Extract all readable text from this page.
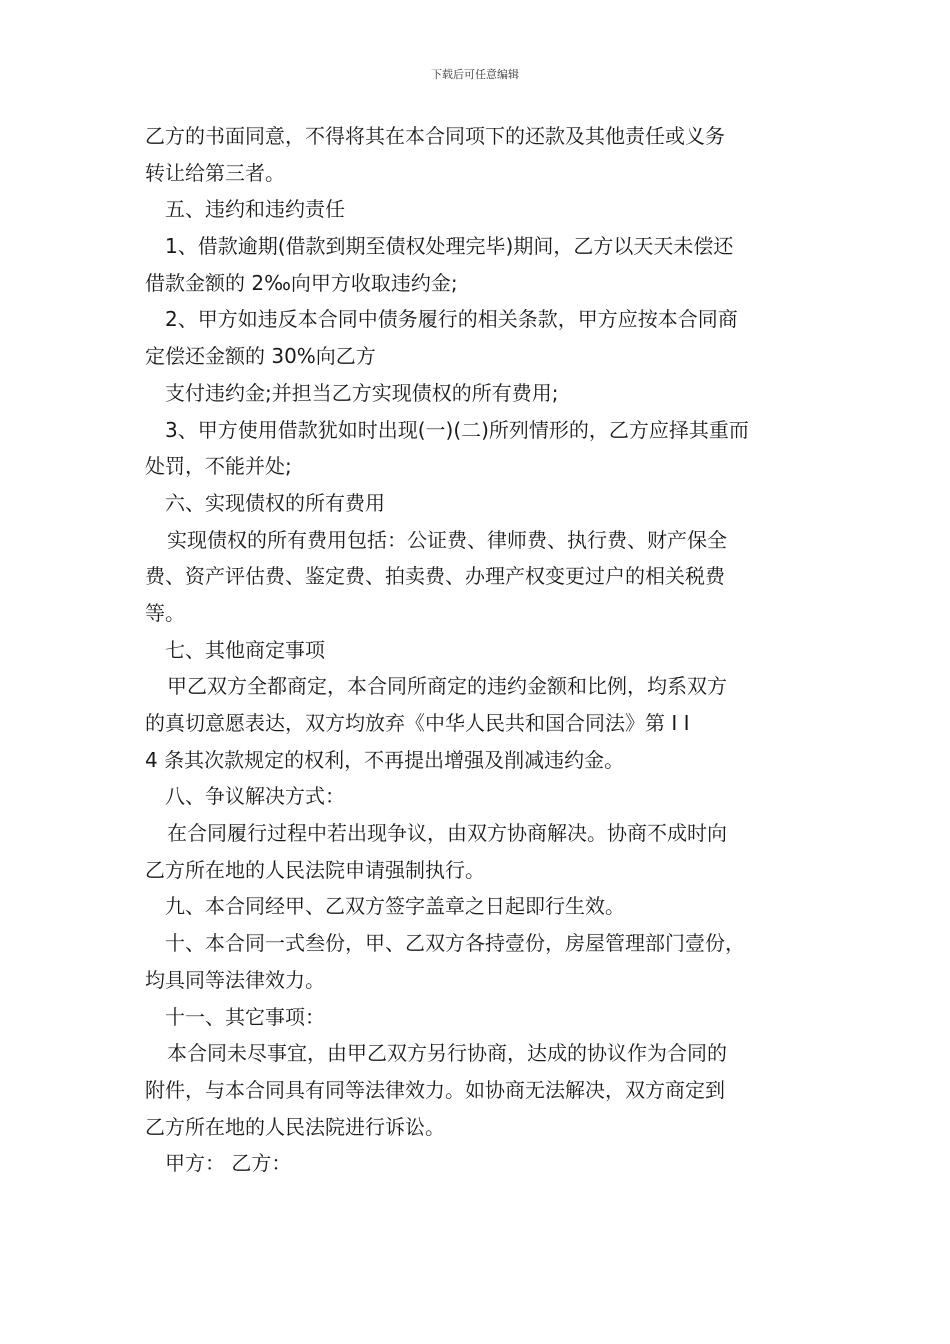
下载后可任意编辑
乙方的书面同意，不得将其在本合同项下的还款及其他责任或义务
转让给第三者。
五、违约和违约责任
1、借款逾期(借款到期至债权处理完毕)期间，乙方以天天未偿还
借款金额的 2‰向甲方收取违约金;
2、甲方如违反本合同中债务履行的相关条款，甲方应按本合同商
定偿还金额的 30%向乙方
支付违约金;并担当乙方实现债权的所有费用;
3、甲方使用借款犹如时出现(一)(二)所列情形的，乙方应择其重而
处罚，不能并处;
六、实现债权的所有费用
实现债权的所有费用包括：公证费、律师费、执行费、财产保全
费、资产评估费、鉴定费、拍卖费、办理产权变更过户的相关税费
等。
七、其他商定事项
甲乙双方全都商定，本合同所商定的违约金额和比例，均系双方
的真切意愿表达，双方均放弃《中华人民共和国合同法》第 I I
4 条其次款规定的权利，不再提出增强及削减违约金。
八、争议解决方式：
在合同履行过程中若出现争议，由双方协商解决。协商不成时向
乙方所在地的人民法院申请强制执行。
九、本合同经甲、乙双方签字盖章之日起即行生效。
十、本合同一式叁份，甲、乙双方各持壹份，房屋管理部门壹份，
均具同等法律效力。
十一、其它事项：
本合同未尽事宜，由甲乙双方另行协商，达成的协议作为合同的
附件，与本合同具有同等法律效力。如协商无法解决，双方商定到
乙方所在地的人民法院进行诉讼。
甲方： 乙方：
